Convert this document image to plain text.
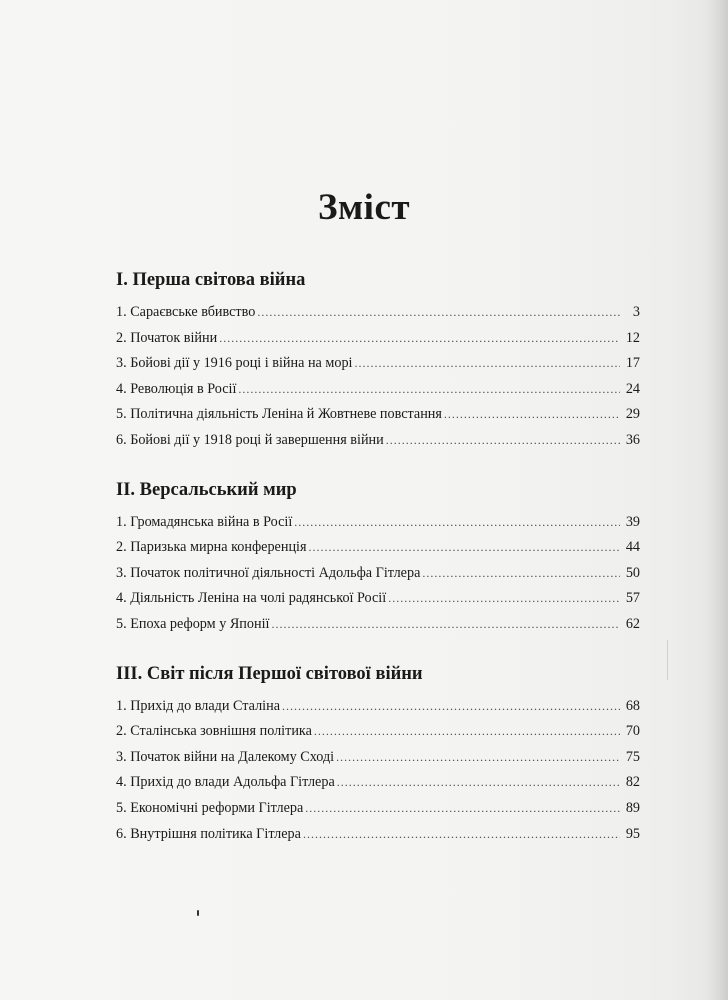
Зміст
І. Перша світова війна
1. Сараєвське вбивство .....	3
2. Початок війни .....	12
3. Бойові дії у 1916 році і війна на морі .....	17
4. Революція в Росії .....	24
5. Політична діяльність Леніна й Жовтневе повстання .....	29
6. Бойові дії у 1918 році й завершення війни .....	36
ІІ. Версальський мир
1. Громадянська війна в Росії .....	39
2. Паризька мирна конференція .....	44
3. Початок політичної діяльності Адольфа Гітлера .....	50
4. Діяльність Леніна на чолі радянської Росії .....	57
5. Епоха реформ у Японії .....	62
ІІІ. Світ після Першої світової війни
1. Прихід до влади Сталіна .....	68
2. Сталінська зовнішня політика .....	70
3. Початок війни на Далекому Сході .....	75
4. Прихід до влади Адольфа Гітлера .....	82
5. Економічні реформи Гітлера .....	89
6. Внутрішня політика Гітлера .....	95
